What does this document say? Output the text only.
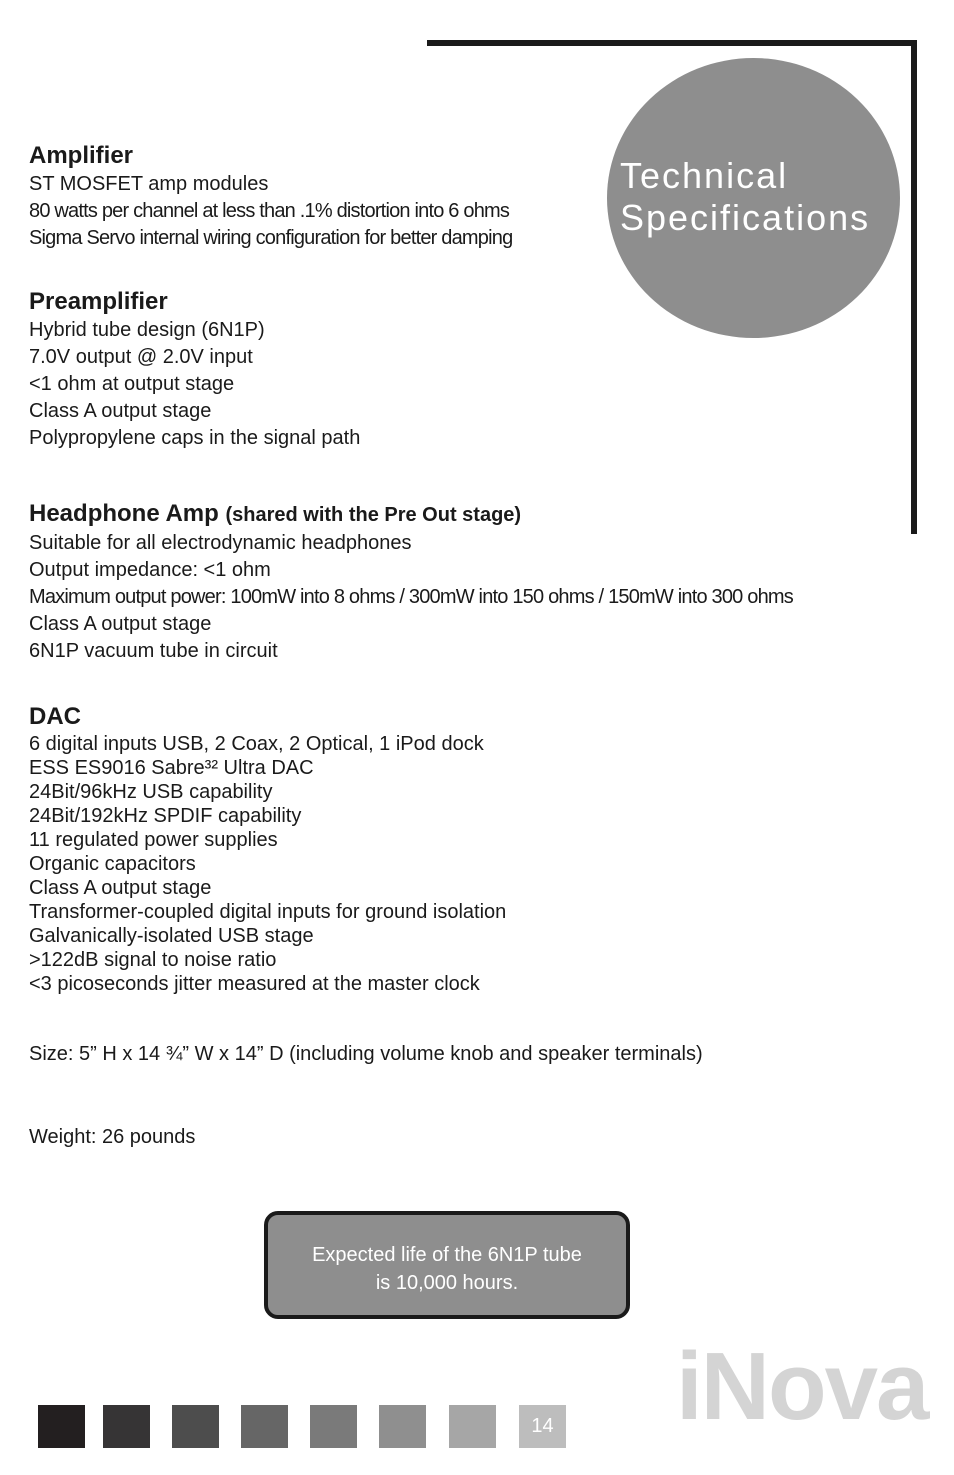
Technical
Specifications
Amplifier
ST MOSFET amp modules
80 watts per channel at less than .1% distortion into 6 ohms
Sigma Servo internal wiring configuration for better damping
Preamplifier
Hybrid tube design (6N1P)
7.0V output @ 2.0V input
<1 ohm at output stage
Class A output stage
Polypropylene caps in the signal path
Headphone Amp (shared with the Pre Out stage)
Suitable for all electrodynamic headphones
Output impedance: <1 ohm
Maximum output power: 100mW into 8 ohms / 300mW into 150 ohms / 150mW into 300 ohms
Class A output stage
6N1P vacuum tube in circuit
DAC
6 digital inputs USB, 2 Coax, 2 Optical, 1 iPod dock
ESS ES9016 Sabre³² Ultra DAC
24Bit/96kHz USB capability
24Bit/192kHz SPDIF capability
11 regulated power supplies
Organic capacitors
Class A output stage
Transformer-coupled digital inputs for ground isolation
Galvanically-isolated USB stage
>122dB signal to noise ratio
<3 picoseconds jitter measured at the master clock
Size: 5” H x 14 ¾” W x 14” D (including volume knob and speaker terminals)
Weight: 26 pounds
Expected life of the 6N1P tube
is 10,000 hours.
14 iNova
